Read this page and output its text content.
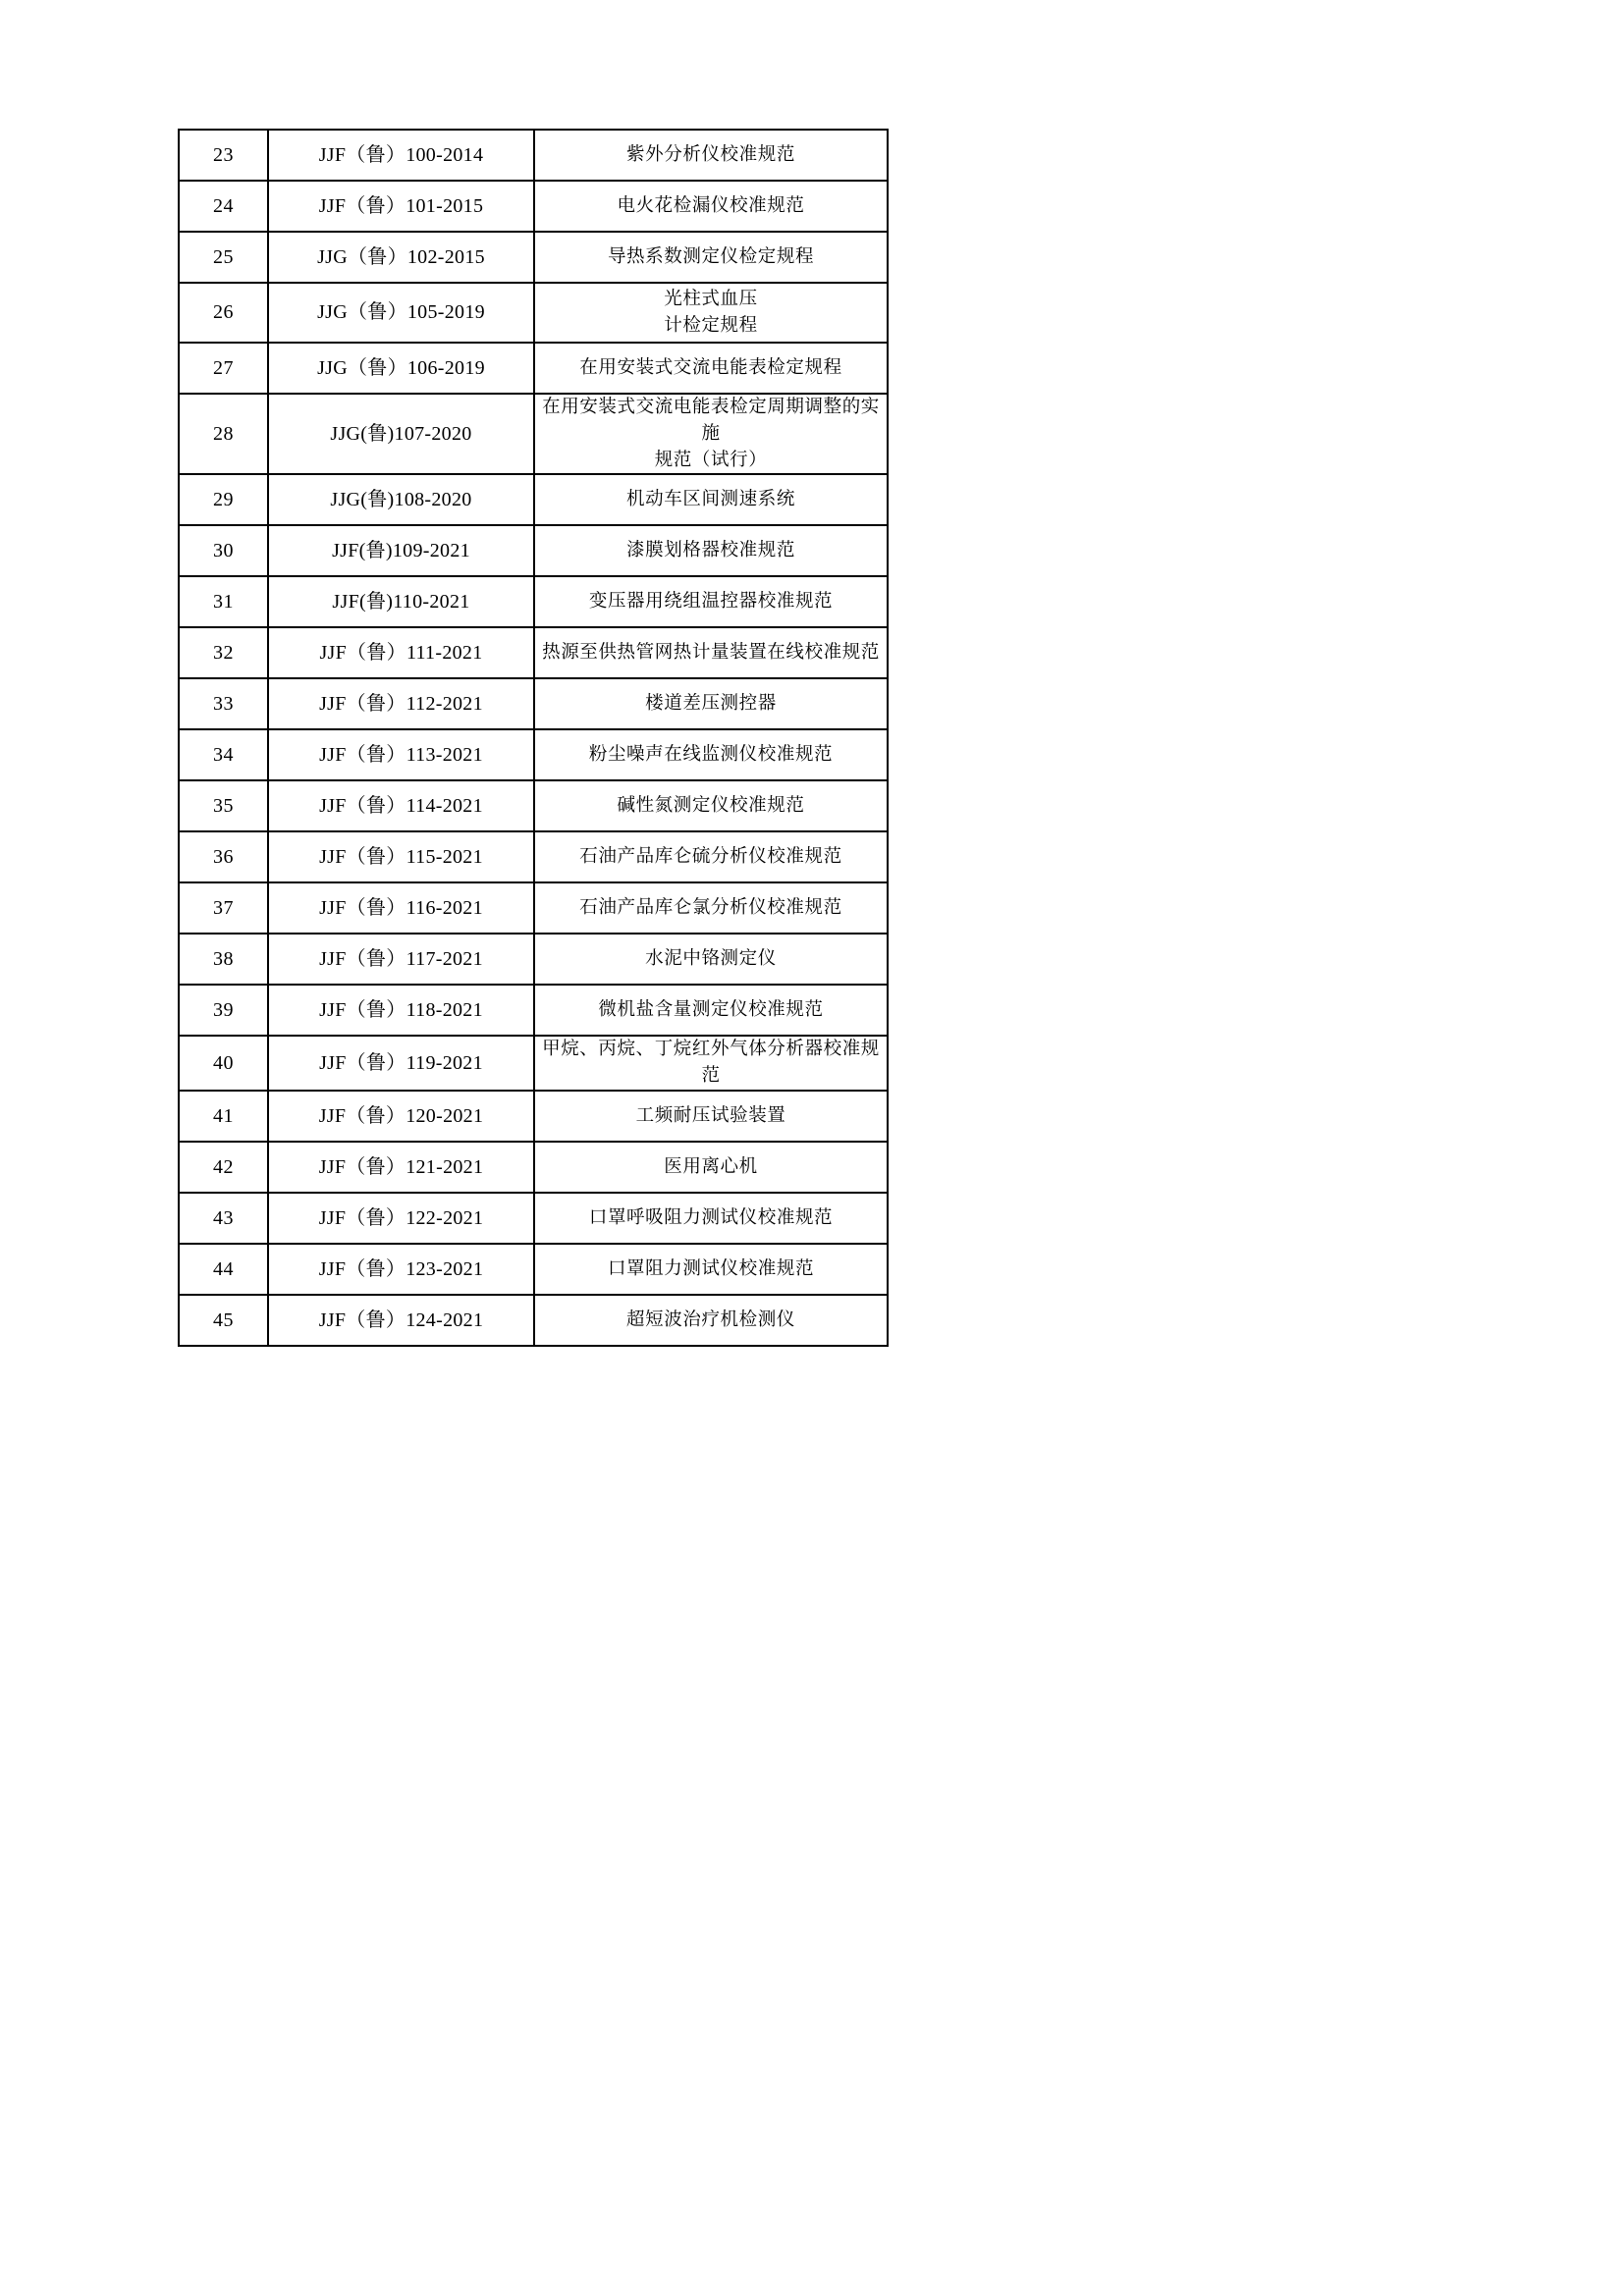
23	JJF（鲁）100-2014	紫外分析仪校准规范

24	JJF（鲁）101-2015	电火花检漏仪校准规范

25	JJG（鲁）102-2015	导热系数测定仪检定规程

26	JJG（鲁）105-2019	光柱式血压
计检定规程

27	JJG（鲁）106-2019	在用安装式交流电能表检定规程

28	JJG(鲁)107-2020	在用安装式交流电能表检定周期调整的实施
规范（试行）

29	JJG(鲁)108-2020	机动车区间测速系统

30	JJF(鲁)109-2021	漆膜划格器校准规范

31	JJF(鲁)110-2021	变压器用绕组温控器校准规范

32	JJF（鲁）111-2021	热源至供热管网热计量装置在线校准规范

33	JJF（鲁）112-2021	楼道差压测控器

34	JJF（鲁）113-2021	粉尘噪声在线监测仪校准规范

35	JJF（鲁）114-2021	碱性氮测定仪校准规范

36	JJF（鲁）115-2021	石油产品库仑硫分析仪校准规范

37	JJF（鲁）116-2021	石油产品库仑氯分析仪校准规范

38	JJF（鲁）117-2021	水泥中铬测定仪

39	JJF（鲁）118-2021	微机盐含量测定仪校准规范

40	JJF（鲁）119-2021	甲烷、丙烷、丁烷红外气体分析器校准规范

41	JJF（鲁）120-2021	工频耐压试验装置

42	JJF（鲁）121-2021	医用离心机

43	JJF（鲁）122-2021	口罩呼吸阻力测试仪校准规范

44	JJF（鲁）123-2021	口罩阻力测试仪校准规范

45	JJF（鲁）124-2021	超短波治疗机检测仪
